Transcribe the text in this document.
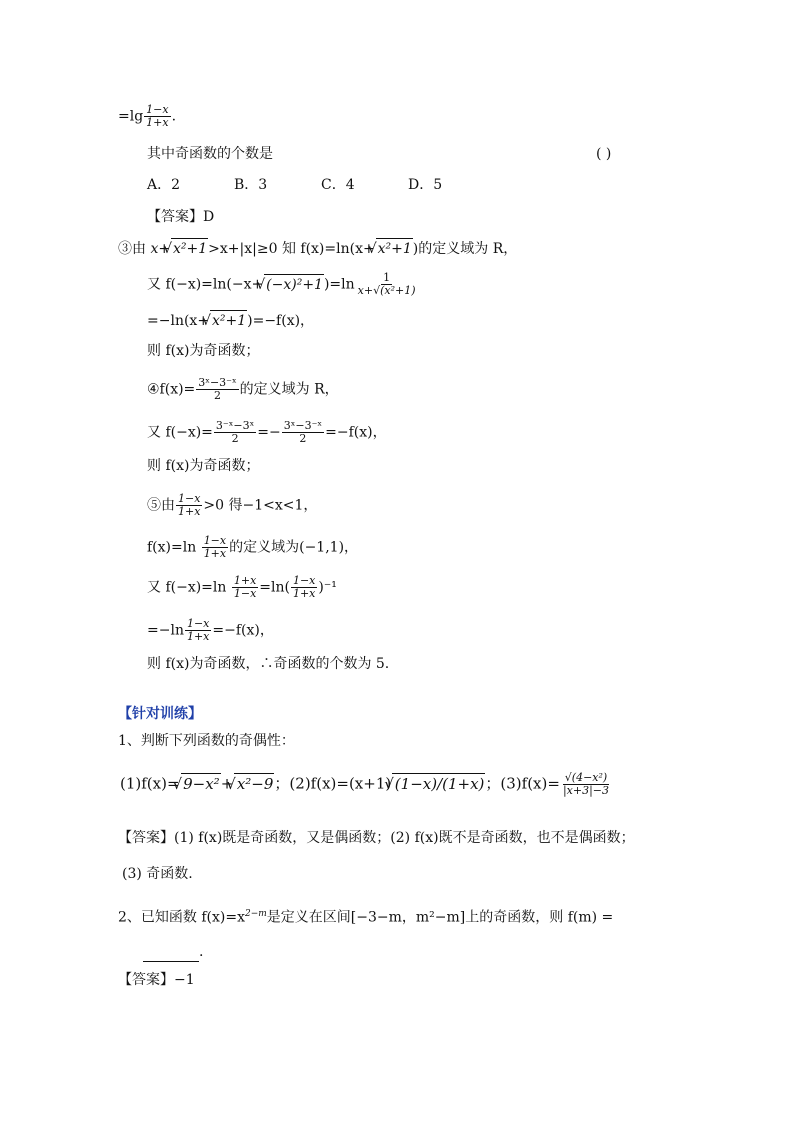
$=\lg \frac{1-x}{1+x}$ .
其中奇函数的个数是	( )
A．2	B．3	C．4	D．5
【答案】D
③由 x+ √ x²+1>x+|x|≥0 知 f(x)=ln(x+ √ x²+1)的定义域为 R，
又 f(−x)=ln(−x+ √ $(-x)^2+1)=\ln \frac{1}{\text{x+√(x²+1)}}$
=−ln(x+ √ x²+1)=−f(x)，
则 f(x)为奇函数；
④f(x)= $\frac{\text{3ˣ−3⁻ˣ}}{2}$ 的定义域为 R，
又 $f(-x)= \frac{\text{3⁻ˣ−3ˣ}}{2} =- \frac{\text{3ˣ−3⁻ˣ}}{2} =-f(x)$，
则 f(x)为奇函数；
⑤由 $\frac{1-x}{1+x} >0$ 得−1<x<1，
$f(x)=\ln \frac{1-x}{1+x}$ 的定义域为(−1,1)，
又 $f(-x)=\ln \frac{1+x}{1-x} =\ln( \frac{1-x}{1+x} )^{-1}$
$=-\ln \frac{1-x}{1+x} =-f(x)$，
则 f(x)为奇函数，∴奇函数的个数为 5.
【针对训练】
1、判断下列函数的奇偶性：
(1)f(x)= √ 9−x²+ √ x²−9；(2)f(x)=(x+1) √ (1−x)/(1+x)；$(3)f(x)= \frac{\text{√(4−x²)}}{|x+3|-3}$
【答案】(1) f(x)既是奇函数，又是偶函数；(2) f(x)既不是奇函数，也不是偶函数；
(3) 奇函数.
2、已知函数 $f(x)=x^{2-m}$是定义在区间[−3−m，m²−m]上的奇函数，则 f(m) =
.
【答案】−1
